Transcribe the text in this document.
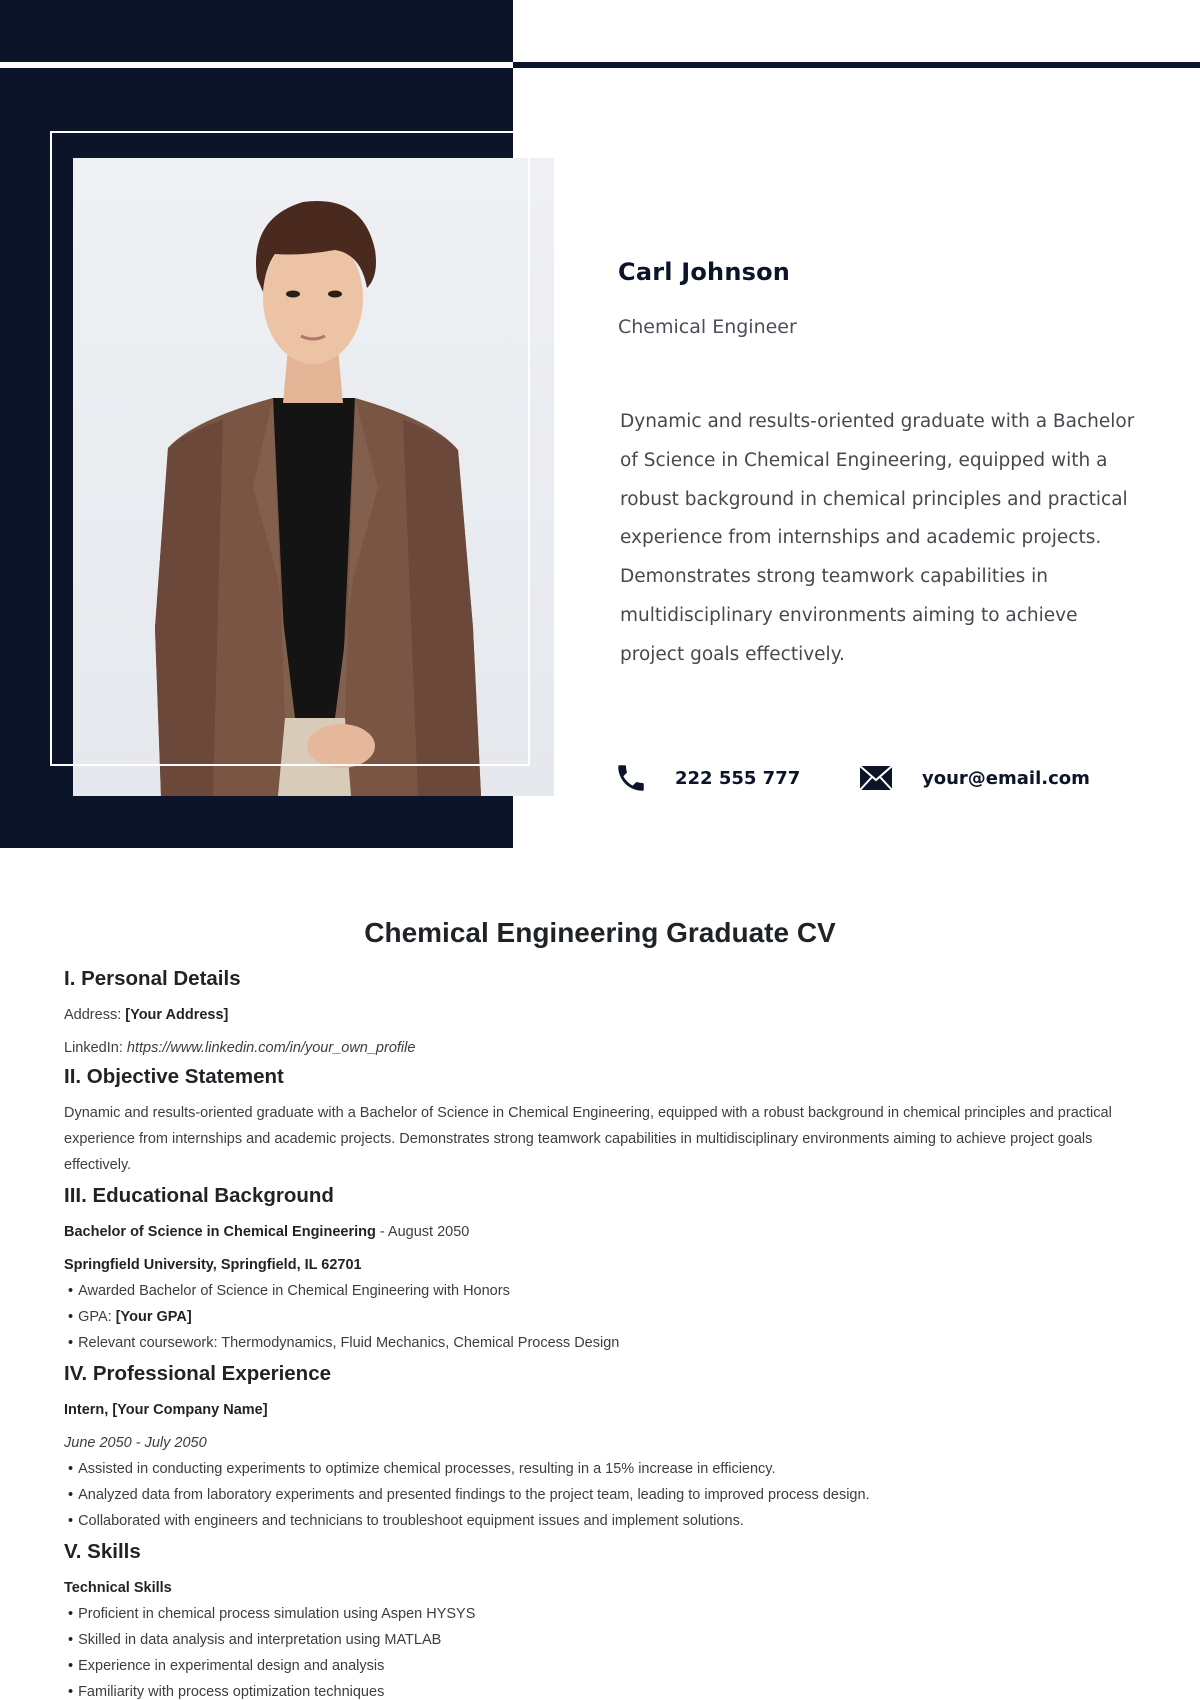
Carl Johnson
Chemical Engineer
Dynamic and results-oriented graduate with a Bachelor of Science in Chemical Engineering, equipped with a robust background in chemical principles and practical experience from internships and academic projects. Demonstrates strong teamwork capabilities in multidisciplinary environments aiming to achieve project goals effectively.
222 555 777	your@email.com
Chemical Engineering Graduate CV
I. Personal Details
Address: [Your Address]
LinkedIn: https://www.linkedin.com/in/your_own_profile
II. Objective Statement
Dynamic and results-oriented graduate with a Bachelor of Science in Chemical Engineering, equipped with a robust background in chemical principles and practical experience from internships and academic projects. Demonstrates strong teamwork capabilities in multidisciplinary environments aiming to achieve project goals effectively.
III. Educational Background
Bachelor of Science in Chemical Engineering - August 2050
Springfield University, Springfield, IL 62701
• Awarded Bachelor of Science in Chemical Engineering with Honors
• GPA: [Your GPA]
• Relevant coursework: Thermodynamics, Fluid Mechanics, Chemical Process Design
IV. Professional Experience
Intern, [Your Company Name]
June 2050 - July 2050
• Assisted in conducting experiments to optimize chemical processes, resulting in a 15% increase in efficiency.
• Analyzed data from laboratory experiments and presented findings to the project team, leading to improved process design.
• Collaborated with engineers and technicians to troubleshoot equipment issues and implement solutions.
V. Skills
Technical Skills
• Proficient in chemical process simulation using Aspen HYSYS
• Skilled in data analysis and interpretation using MATLAB
• Experience in experimental design and analysis
• Familiarity with process optimization techniques
